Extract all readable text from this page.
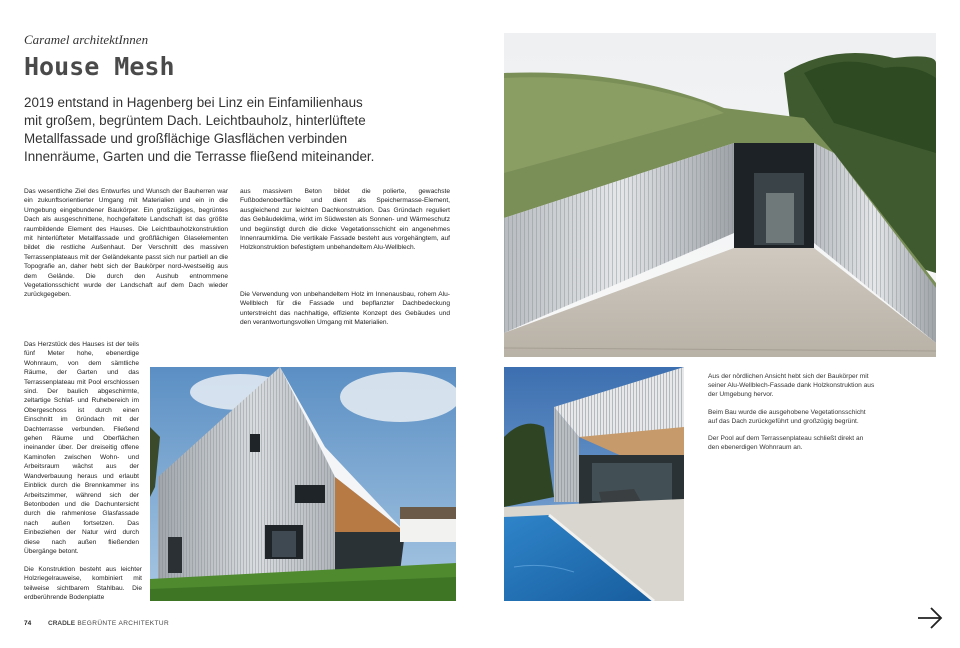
Caramel architektInnen
House Mesh

2019 entstand in Hagenberg bei Linz ein Einfamilienhaus mit großem, begrüntem Dach. Leichtbauholz, hinterlüftete Metallfassade und großflächige Glasflächen verbinden Innenräume, Garten und die Terrasse fließend miteinander.

Das wesentliche Ziel des Entwurfes und Wunsch der Bauherren war ein zukunftsorientierter Umgang mit Materialien und ein in die Umgebung eingebundener Baukörper. Ein großzügiges, begrüntes Dach als ausgeschnittene, hochgefaltete Landschaft ist das größte raumbildende Element des Hauses. Die Leichtbauholzkonstruktion mit hinterlüfteter Metallfassade und großflächigen Glaselementen bildet die restliche Außenhaut. Der Verschnitt des massiven Terrassenplateaus mit der Geländekante passt sich nur partiell an die Topografie an, daher hebt sich der Baukörper nord-/westseitig aus dem Gelände. Die durch den Aushub entnommene Vegetationsschicht wurde der Landschaft auf dem Dach wieder zurückgegeben.

Das Herzstück des Hauses ist der teils fünf Meter hohe, ebenerdige Wohnraum, von dem sämtliche Räume, der Garten und das Terrassenplateau mit Pool erschlossen sind. Der baulich abgeschirmte, zeltartige Schlaf- und Ruhebereich im Obergeschoss ist durch einen Einschnitt im Gründach mit der Dachterrasse verbunden. Fließend gehen Räume und Oberflächen ineinander über. Der dreiseitig offene Kaminofen zwischen Wohn- und Arbeitsraum wächst aus der Wandverbauung heraus und erlaubt Einblick durch die Brennkammer ins Arbeitszimmer, während sich der Betonboden und die Dachuntersicht durch die rahmenlose Glasfassade nach außen fortsetzen. Das Einbeziehen der Natur wird durch diese nach außen fließenden Übergänge betont.

Die Konstruktion besteht aus leichter Holzriegelrauweise, kombiniert mit teilweise sichtbarem Stahlbau. Die erdberührende Bodenplatte

aus massivem Beton bildet die polierte, gewachste Fußbodenoberfläche und dient als Speichermasse-Element, ausgleichend zur leichten Dachkonstruktion. Das Gründach reguliert das Gebäudeklima, wirkt im Südwesten als Sonnen- und Wärmeschutz und begünstigt durch die dicke Vegetationsschicht ein angenehmes Innenraumklima. Die vertikale Fassade besteht aus vorgehängtem, auf Holzkonstruktion befestigtem unbehandeltem Alu-Wellblech.

Die Verwendung von unbehandeltem Holz im Innenausbau, rohem Alu-Wellblech für die Fassade und bepflanzter Dachbedeckung unterstreicht das nachhaltige, effiziente Konzept des Gebäudes und den verantwortungsvollen Umgang mit Materialien.

Aus der nördlichen Ansicht hebt sich der Baukörper mit seiner Alu-Wellblech-Fassade dank Holzkonstruktion aus der Umgebung hervor.

Beim Bau wurde die ausgehobene Vegetationsschicht auf das Dach zurückgeführt und großzügig begrünt.

Der Pool auf dem Terrassenplateau schließt direkt an den ebenerdigen Wohnraum an.

74	CRADLE BEGRÜNTE ARCHITEKTUR
